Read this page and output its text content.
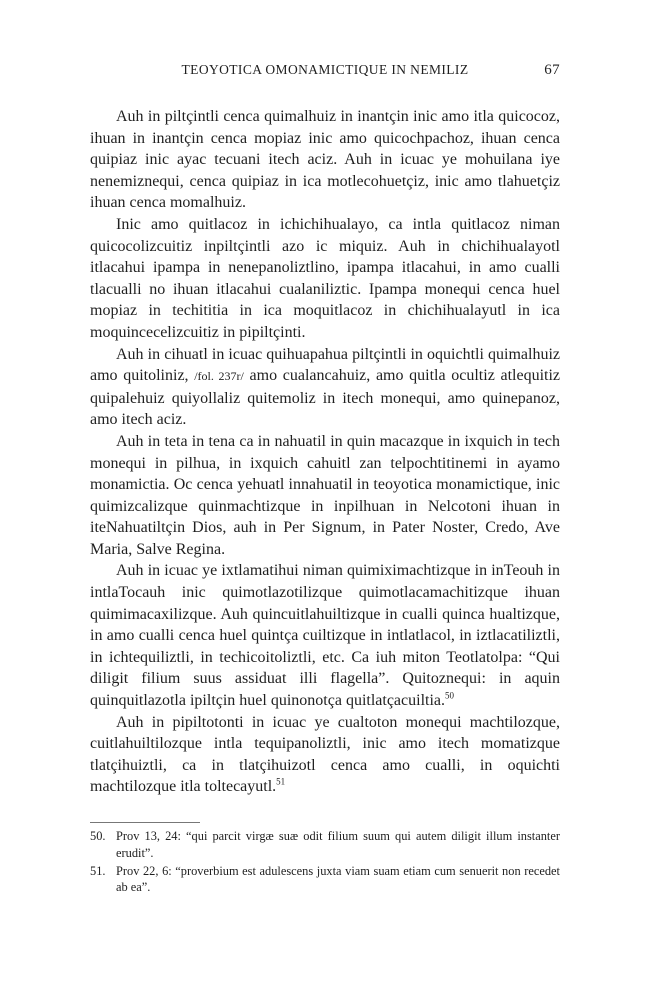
TEOYOTICA OMONAMICTIQUE IN NEMILIZ	67

Auh in piltçintli cenca quimalhuiz in inantçin inic amo itla quicocoz, ihuan in inantçin cenca mopiaz inic amo quicochpachoz, ihuan cenca quipiaz inic ayac tecuani itech aciz. Auh in icuac ye mohuilana iye nenemiznequi, cenca quipiaz in ica motlecohuetçiz, inic amo tlahuetçiz ihuan cenca momalhuiz.

Inic amo quitlacoz in ichichihualayo, ca intla quitlacoz niman quicocolizcuitiz inpiltçintli azo ic miquiz. Auh in chichihualayotl itlacahui ipampa in nenepanoliztlino, ipampa itlacahui, in amo cualli tlacualli no ihuan itlacahui cualaniliztic. Ipampa monequi cenca huel mopiaz in techititia in ica moquitlacoz in chichihualayutl in ica moquincecelizcuitiz in pipiltçinti.

Auh in cihuatl in icuac quihuapahua piltçintli in oquichtli quimalhuiz amo quitoliniz, /fol. 237r/ amo cualancahuiz, amo quitla ocultiz atlequitiz quipalehuiz quiyollaliz quitemoliz in itech monequi, amo quinepanoz, amo itech aciz.

Auh in teta in tena ca in nahuatil in quin macazque in ixquich in tech monequi in pilhua, in ixquich cahuitl zan telpochtitinemi in ayamo monamictia. Oc cenca yehuatl innahuatil in teoyotica monamictique, inic quimizcalizque quinmachtizque in inpilhuan in Nelcotoni ihuan in iteNahuatiltçin Dios, auh in Per Signum, in Pater Noster, Credo, Ave Maria, Salve Regina.

Auh in icuac ye ixtlamatihui niman quimiximachtizque in inTeouh in intlaTocauh inic quimotlazotilizque quimotlacamachitizque ihuan quimimacaxilizque. Auh quincuitlahuiltizque in cualli quinca hualtizque, in amo cualli cenca huel quintça cuiltizque in intlatlacol, in iztlacatiliztli, in ichtequiliztli, in techicoitoliztli, etc. Ca iuh miton Teotlatolpa: “Qui diligit filium suus assiduat illi flagella”. Quitoznequi: in aquin quinquitlazotla ipiltçin huel quinonotça quitlatçacuiltia.$^{50}$

Auh in pipiltotonti in icuac ye cualtoton monequi machtilozque, cuitlahuiltilozque intla tequipanoliztli, inic amo itech momatizque tlatçihuiztli, ca in tlatçihuizotl cenca amo cualli, in oquichti machtilozque itla toltecayutl.$^{51}$

50. Prov 13, 24: “qui parcit virgæ suæ odit filium suum qui autem diligit illum instanter erudit”.
51. Prov 22, 6: “proverbium est adulescens juxta viam suam etiam cum senuerit non recedet ab ea”.
